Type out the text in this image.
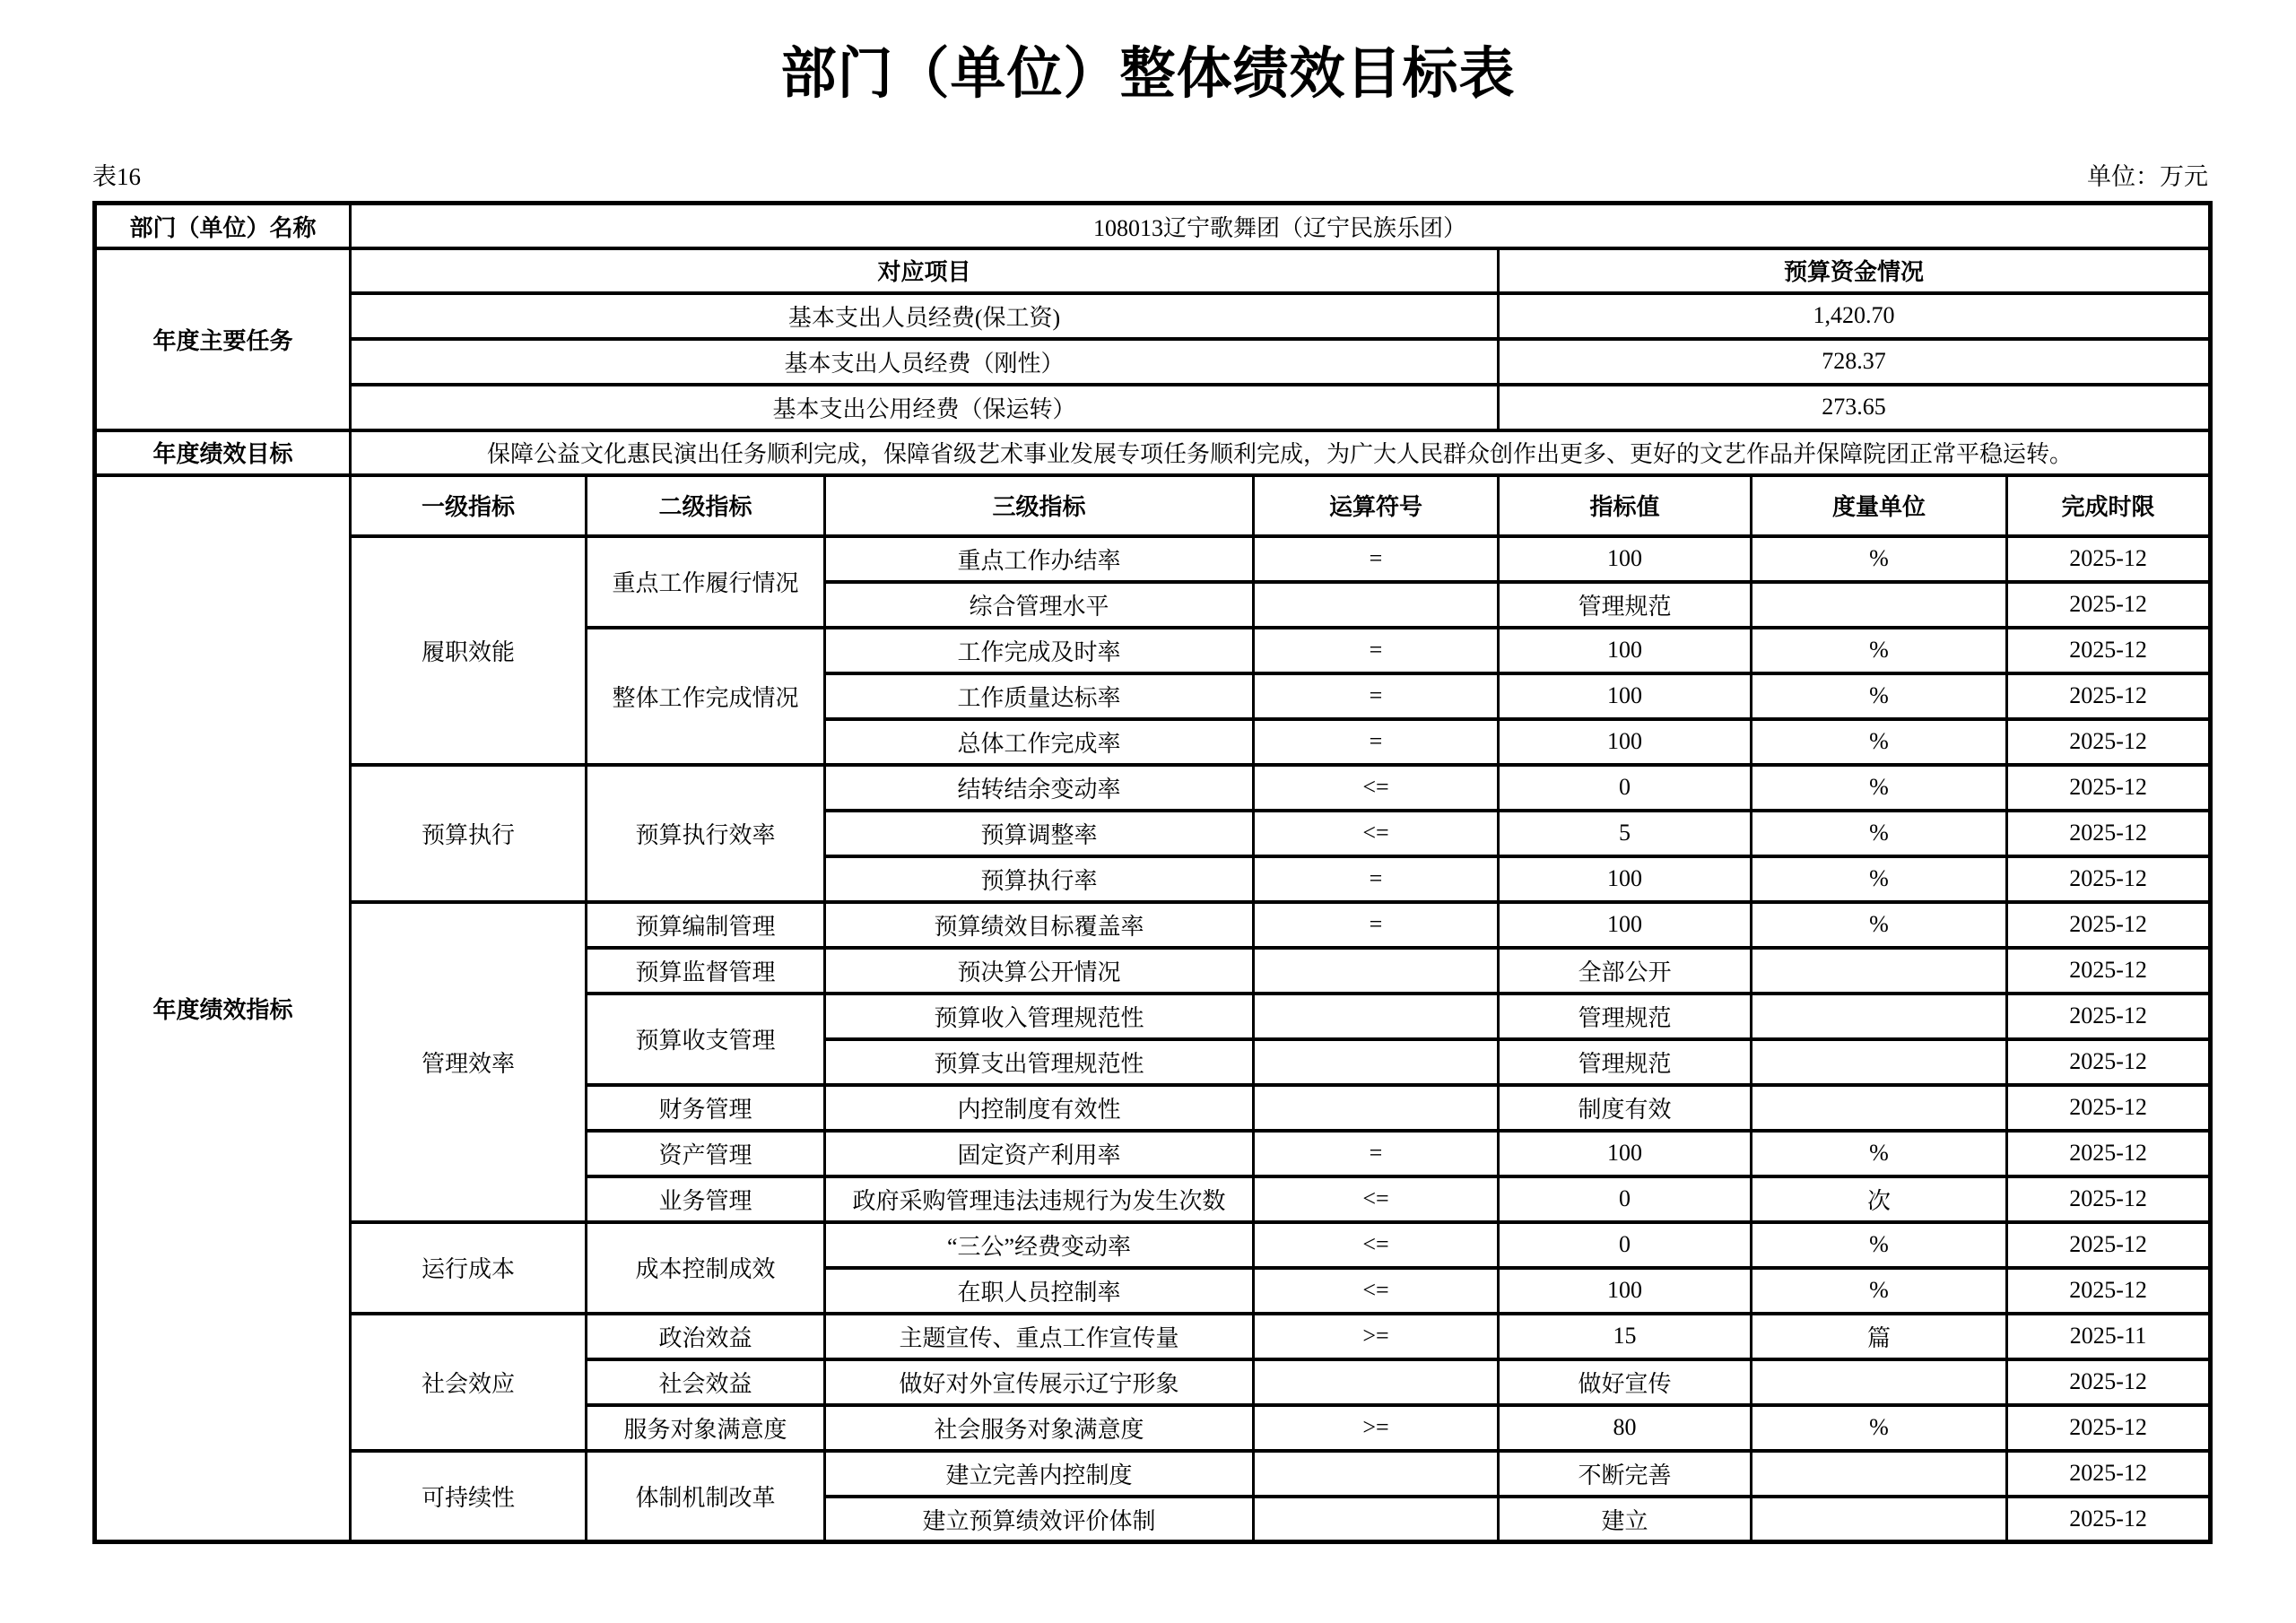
部门（单位）整体绩效目标表
表16	单位：万元
部门（单位）名称	108013辽宁歌舞团（辽宁民族乐团）						
年度主要任务	对应项目				预算资金情况		
	基本支出人员经费(保工资)				1,420.70		
	基本支出人员经费（刚性）				728.37		
	基本支出公用经费（保运转）				273.65		
年度绩效目标	保障公益文化惠民演出任务顺利完成，保障省级艺术事业发展专项任务顺利完成，为广大人民群众创作出更多、更好的文艺作品并保障院团正常平稳运转。						
年度绩效指标	一级指标	二级指标	三级指标	运算符号	指标值	度量单位	完成时限
	履职效能	重点工作履行情况	重点工作办结率	=	100	%	2025-12
			综合管理水平		管理规范		2025-12
		整体工作完成情况	工作完成及时率	=	100	%	2025-12
			工作质量达标率	=	100	%	2025-12
			总体工作完成率	=	100	%	2025-12
	预算执行	预算执行效率	结转结余变动率	<=	0	%	2025-12
			预算调整率	<=	5	%	2025-12
			预算执行率	=	100	%	2025-12
	管理效率	预算编制管理	预算绩效目标覆盖率	=	100	%	2025-12
		预算监督管理	预决算公开情况		全部公开		2025-12
		预算收支管理	预算收入管理规范性		管理规范		2025-12
			预算支出管理规范性		管理规范		2025-12
		财务管理	内控制度有效性		制度有效		2025-12
		资产管理	固定资产利用率	=	100	%	2025-12
		业务管理	政府采购管理违法违规行为发生次数	<=	0	次	2025-12
	运行成本	成本控制成效	“三公”经费变动率	<=	0	%	2025-12
			在职人员控制率	<=	100	%	2025-12
	社会效应	政治效益	主题宣传、重点工作宣传量	>=	15	篇	2025-11
		社会效益	做好对外宣传展示辽宁形象		做好宣传		2025-12
		服务对象满意度	社会服务对象满意度	>=	80	%	2025-12
	可持续性	体制机制改革	建立完善内控制度		不断完善		2025-12
			建立预算绩效评价体制		建立		2025-12
